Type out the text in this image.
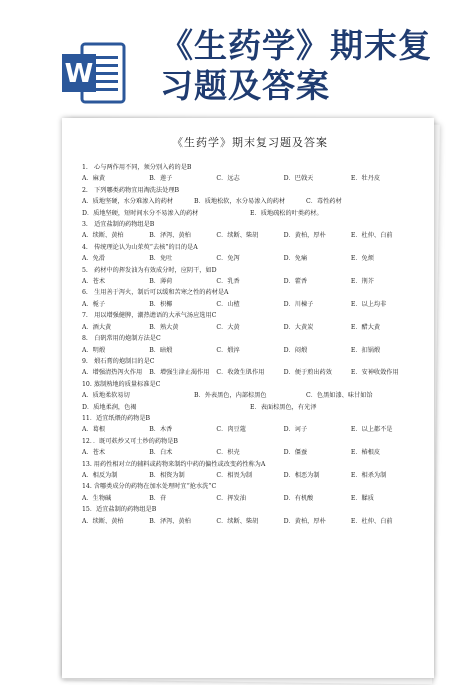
W
《生药学》期末复
习题及答案
《生药学》期末复习题及答案
1.　心与两作用不同，须分别入药的是B
A．麻黄	B．莲子	C．远志	D．巴戟天	E．牡丹皮
2.　下列哪类药物宜用淘洗法处理B
A．质地坚硬，水分难渗入的药材	B．质地松软，水分易渗入的药材	C．毒性药材
D．质地坚硬，短时间水分不易渗入的药材	E．质地疏松的叶类药材。
3.　适宜盐制的药物组是B
A．续断、黄柏	B．泽泻、黄柏	C．续断、柴胡	D．黄柏，厚朴	E．杜仲、白前
4.　传统理论认为山茱萸“去核”的目的是A
A．免滑	B．免吐	C．免泻	D．免痛	E．免烦
5.　药材中的挥发油为有效成分时，应阴干，如D
A．苍术	B．薄荷	C．乳香	D．藿香	E．荆芥
6.　生用善于泻火，制后可以缓和苦寒之性的药材是A
A．栀子	B．枳椰	C．山楂	D．川楝子	E．以上均非
7.　用以增强健脾，潮热谵语的大承气汤应选用C
A．酒大黄	B．熟大黄	C．大黄	D．大黄炭	E．醋大黄
8.　白矾常用的炮制方法是C
A．明煅	B．暗煅	C．煅淬	D．闷煅	E．扣锅煅
9.　煅石膏的炮制目的是C
A．增强清热泻火作用	B．增强生津止渴作用	C．收敛生肌作用	D．便于煎出药效	E．安神收敛作用
10. 蒸制熟地的质量标准是C
A．质地柔软易切	B．外表黑色，内部棕黑色	C．色黑如漆、味甘如饴
D．质地柔润，色褐	E．表面棕黑色，有光泽
11．适宜纸煨的药物是B
A．葛根	B．木香	C．肉豆蔻	D．诃子	E．以上都不是
12．．既可麸炒又可土炒的药物是B
A．苍术	B．白术	C．枳壳	D．僵蚕	E．椿根皮
13. 用药性相对立的辅料或药物来制约中药的偏性或改变药性称为A
A．相反为制	B．相资为制	C．相畏为制	D．相恶为制	E．相杀为制
14. 含哪类成分的药物在加水处理时宜“抢水洗”C
A．生物碱	B．苷	C．挥发油	D．有机酸	E．鞣质
15．适宜盐制的药物组是B
A．续断、黄柏	B．泽泻、黄柏	C．续断、柴胡	D．黄柏，厚朴	E．杜仲、白前
